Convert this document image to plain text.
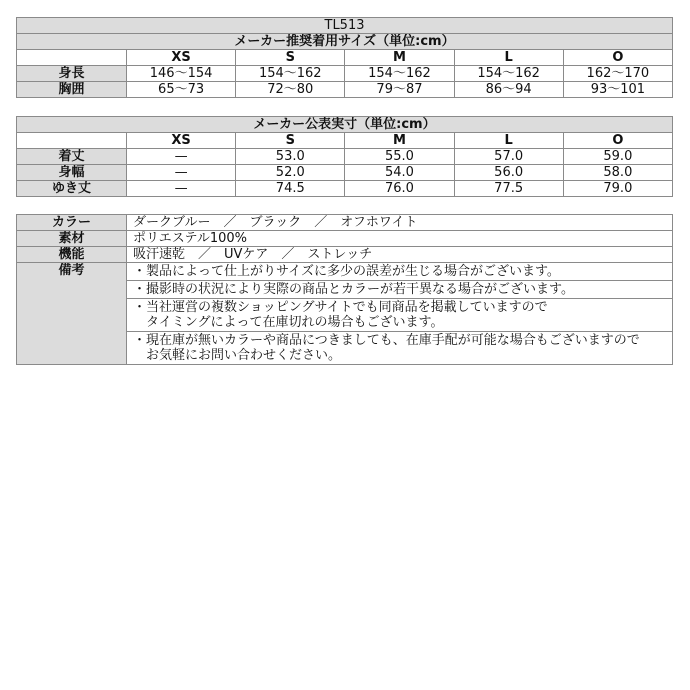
TL513					
メーカー推奨着用サイズ（単位:cm）					
	XS	S	M	L	O
身長	146～154	154～162	154～162	154～162	162～170
胸囲	65～73	72～80	79～87	86～94	93～101
メーカー公表実寸（単位:cm）					
	XS	S	M	L	O
着丈	—	53.0	55.0	57.0	59.0
身幅	—	52.0	54.0	56.0	58.0
ゆき丈	—	74.5	76.0	77.5	79.0
カラー	ダークブルー　／　ブラック　／　オフホワイト
素材	ポリエステル100%
機能	吸汗速乾　／　UVケア　／　ストレッチ
備考	・製品によって仕上がりサイズに多少の誤差が生じる場合がございます。
	・撮影時の状況により実際の商品とカラーが若干異なる場合がございます。
	・当社運営の複数ショッピングサイトでも同商品を掲載していますので
　タイミングによって在庫切れの場合もございます。
	・現在庫が無いカラーや商品につきましても、在庫手配が可能な場合もございますので
　お気軽にお問い合わせください。
